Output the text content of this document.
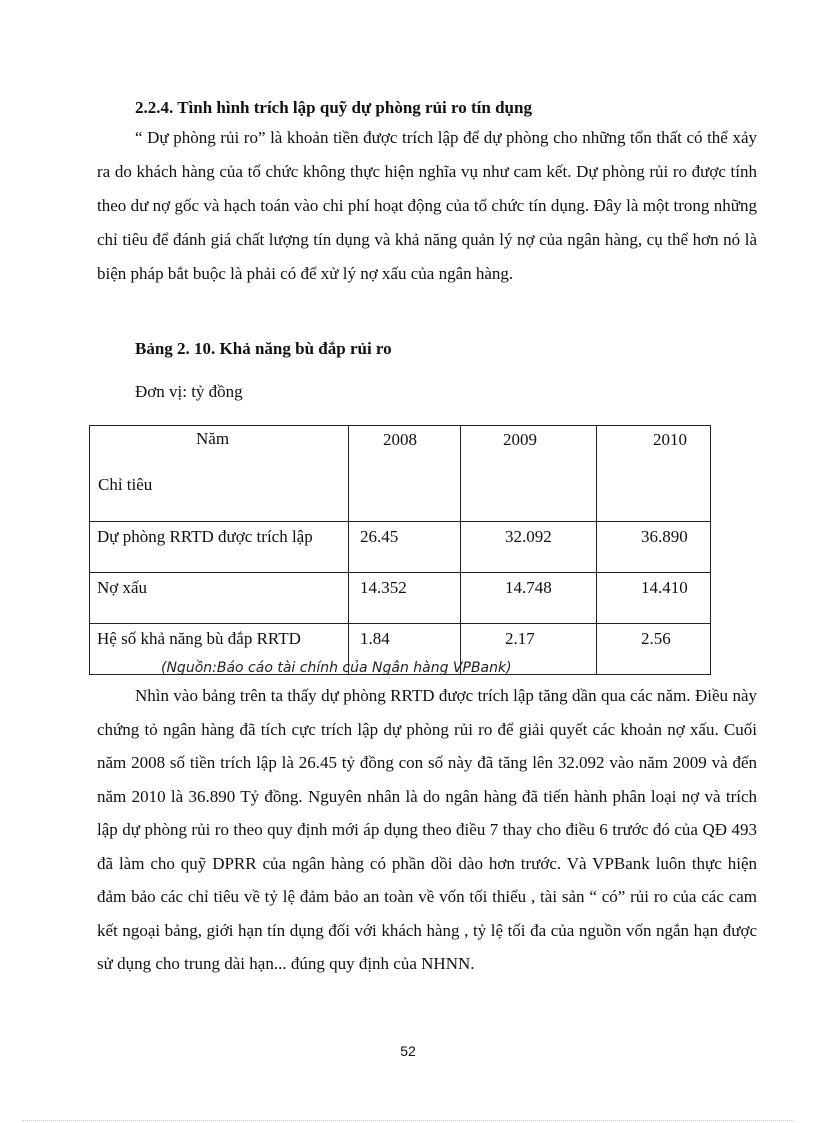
2.2.4. Tình hình trích lập quỹ dự phòng rủi ro tín dụng

“ Dự phòng rủi ro” là khoản tiền được trích lập để dự phòng cho những tổn thất có thể xảy ra do khách hàng của tổ chức không thực hiện nghĩa vụ như cam kết. Dự phòng rủi ro được tính theo dư nợ gốc và hạch toán vào chi phí hoạt động của tổ chức tín dụng. Đây là một trong những chỉ tiêu để đánh giá chất lượng tín dụng và khả năng quản lý nợ của ngân hàng, cụ thể hơn nó là biện pháp bắt buộc là phải có để xử lý nợ xấu của ngân hàng.

Bảng 2. 10. Khả năng bù đắp rủi ro
Đơn vị: tỷ đồng
Năm
Chỉ tiêu	2008	2009	2010
Dự phòng RRTD được trích lập	26.45	32.092	36.890
Nợ xấu	14.352	14.748	14.410
Hệ số khả năng bù đắp RRTD	1.84	2.17	2.56
(Nguồn:Báo cáo tài chính của Ngân hàng VPBank)

Nhìn vào bảng trên ta thấy dự phòng RRTD được trích lập tăng dần qua các năm. Điều này chứng tỏ ngân hàng đã tích cực trích lập dự phòng rủi ro để giải quyết các khoản nợ xấu. Cuối năm 2008 số tiền trích lập là 26.45 tỷ đồng con số này đã tăng lên 32.092 vào năm 2009 và đến năm 2010 là 36.890 Tỷ đồng. Nguyên nhân là do ngân hàng đã tiến hành phân loại nợ và trích lập dự phòng rủi ro theo quy định mới áp dụng theo điều 7 thay cho điều 6 trước đó của QĐ 493 đã làm cho quỹ DPRR của ngân hàng có phần dồi dào hơn trước. Và VPBank luôn thực hiện đảm bảo các chỉ tiêu về tỷ lệ đảm bảo an toàn về vốn tối thiểu , tài sản “ có” rủi ro của các cam kết ngoại bảng, giới hạn tín dụng đối với khách hàng , tỷ lệ tối đa của nguồn vốn ngắn hạn được sử dụng cho trung dài hạn... đúng quy định của NHNN.

52
